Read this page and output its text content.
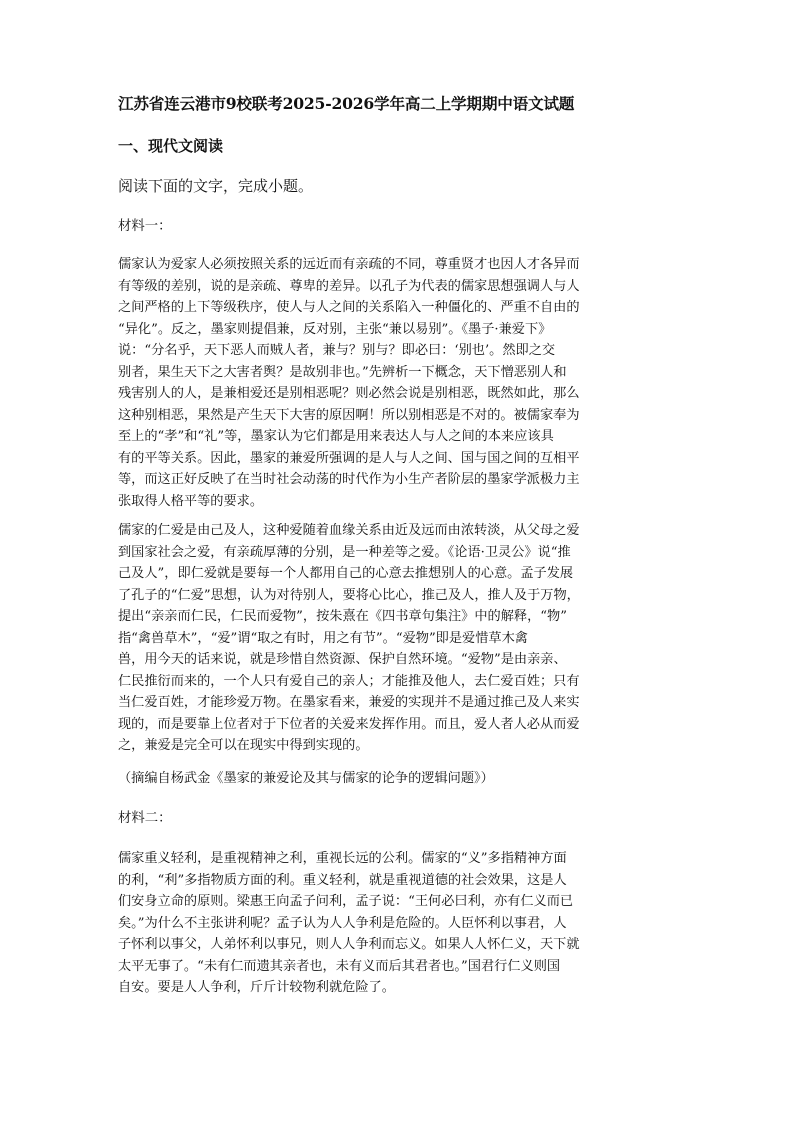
江苏省连云港市9校联考2025-2026学年高二上学期期中语文试题
一、现代文阅读
阅读下面的文字，完成小题。
材料一：
儒家认为爱家人必须按照关系的远近而有亲疏的不同，尊重贤才也因人才各异而
有等级的差别，说的是亲疏、尊卑的差异。以孔子为代表的儒家思想强调人与人
之间严格的上下等级秩序，使人与人之间的关系陷入一种僵化的、严重不自由的
“异化”。反之，墨家则提倡兼，反对别，主张“兼以易别”。《墨子·兼爱下》
说：“分名乎，天下恶人而贼人者，兼与？别与？即必曰：‘别也’。然即之交
别者，果生天下之大害者舆？是故别非也。”先辨析一下概念，天下憎恶别人和
残害别人的人，是兼相爱还是别相恶呢？则必然会说是别相恶，既然如此，那么
这种别相恶，果然是产生天下大害的原因啊！所以别相恶是不对的。被儒家奉为
至上的“孝”和“礼”等，墨家认为它们都是用来表达人与人之间的本来应该具
有的平等关系。因此，墨家的兼爱所强调的是人与人之间、国与国之间的互相平
等，而这正好反映了在当时社会动荡的时代作为小生产者阶层的墨家学派极力主
张取得人格平等的要求。
儒家的仁爱是由己及人，这种爱随着血缘关系由近及远而由浓转淡，从父母之爱
到国家社会之爱，有亲疏厚薄的分别，是一种差等之爱。《论语·卫灵公》说“推
己及人”，即仁爱就是要每一个人都用自己的心意去推想别人的心意。孟子发展
了孔子的“仁爱”思想，认为对待别人，要将心比心，推己及人，推人及于万物，
提出“亲亲而仁民，仁民而爱物”，按朱熹在《四书章句集注》中的解释，“物”
指“禽兽草木”，“爱”谓“取之有时，用之有节”。“爱物”即是爱惜草木禽
兽，用今天的话来说，就是珍惜自然资源、保护自然环境。“爱物”是由亲亲、
仁民推衍而来的，一个人只有爱自己的亲人；才能推及他人，去仁爱百姓；只有
当仁爱百姓，才能珍爱万物。在墨家看来，兼爱的实现并不是通过推己及人来实
现的，而是要靠上位者对于下位者的关爱来发挥作用。而且，爱人者人必从而爱
之，兼爱是完全可以在现实中得到实现的。
（摘编自杨武金《墨家的兼爱论及其与儒家的论争的逻辑问题》）
材料二：
儒家重义轻利，是重视精神之利，重视长远的公利。儒家的“义”多指精神方面
的利，“利”多指物质方面的利。重义轻利，就是重视道德的社会效果，这是人
们安身立命的原则。梁惠王向孟子问利，孟子说：“王何必曰利，亦有仁义而已
矣。”为什么不主张讲利呢？孟子认为人人争利是危险的。人臣怀利以事君，人
子怀利以事父，人弟怀利以事兄，则人人争利而忘义。如果人人怀仁义，天下就
太平无事了。“未有仁而遗其亲者也，未有义而后其君者也。”国君行仁义则国
自安。要是人人争利，斤斤计较物利就危险了。
